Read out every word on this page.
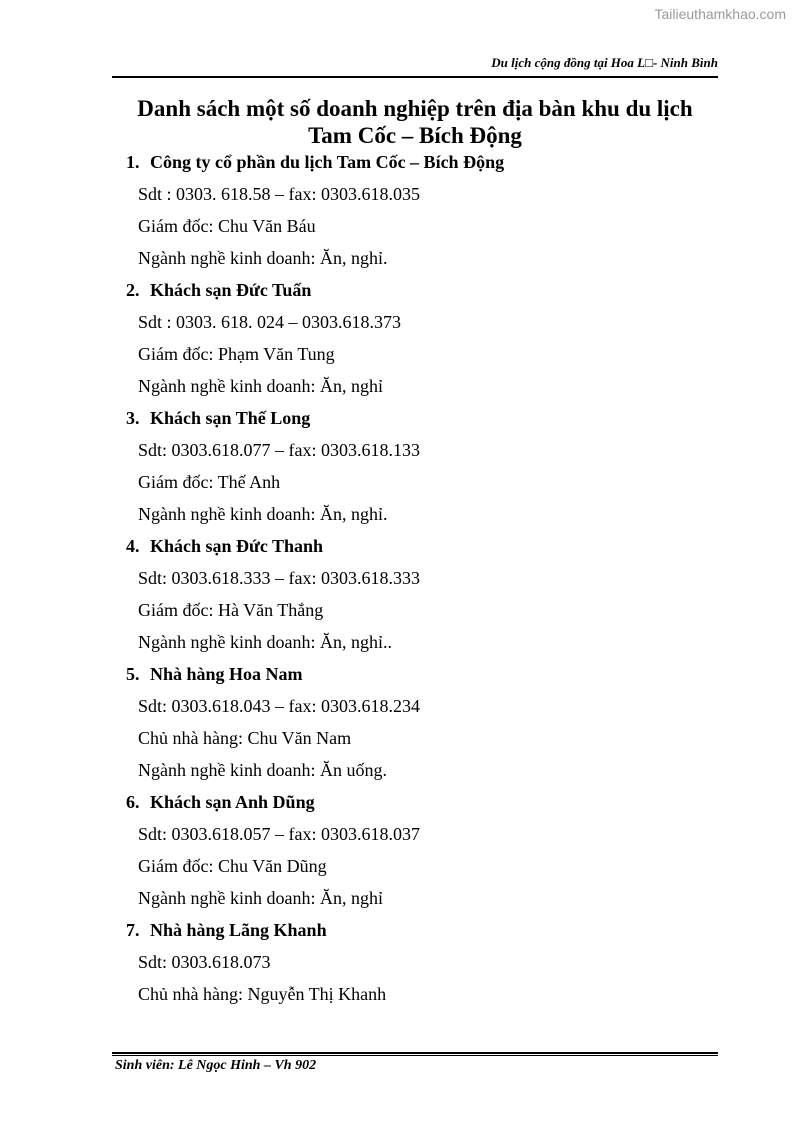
Tailieuthamkhao.com
Du lịch cộng đồng tại Hoa L□- Ninh Bình
Danh sách một số doanh nghiệp trên địa bàn khu du lịch
Tam Cốc – Bích Động
1. Công ty cổ phần du lịch Tam Cốc – Bích Động
Sdt : 0303. 618.58 – fax: 0303.618.035
Giám đốc: Chu Văn Báu
Ngành nghề kinh doanh: Ăn, nghỉ.
2. Khách sạn Đức Tuấn
Sdt : 0303. 618. 024 – 0303.618.373
Giám đốc: Phạm Văn Tung
Ngành nghề kinh doanh: Ăn, nghỉ
3. Khách sạn Thế Long
Sdt: 0303.618.077 – fax: 0303.618.133
Giám đốc: Thế Anh
Ngành nghề kinh doanh: Ăn, nghỉ.
4. Khách sạn Đức Thanh
Sdt: 0303.618.333 – fax: 0303.618.333
Giám đốc: Hà Văn Thắng
Ngành nghề kinh doanh: Ăn, nghỉ..
5. Nhà hàng Hoa Nam
Sdt: 0303.618.043 – fax: 0303.618.234
Chủ nhà hàng: Chu Văn Nam
Ngành nghề kinh doanh: Ăn uống.
6. Khách sạn Anh Dũng
Sdt: 0303.618.057 – fax: 0303.618.037
Giám đốc: Chu Văn Dũng
Ngành nghề kinh doanh: Ăn, nghỉ
7. Nhà hàng Lãng Khanh
Sdt: 0303.618.073
Chủ nhà hàng: Nguyễn Thị Khanh
Sinh viên: Lê Ngọc Hinh – Vh 902
